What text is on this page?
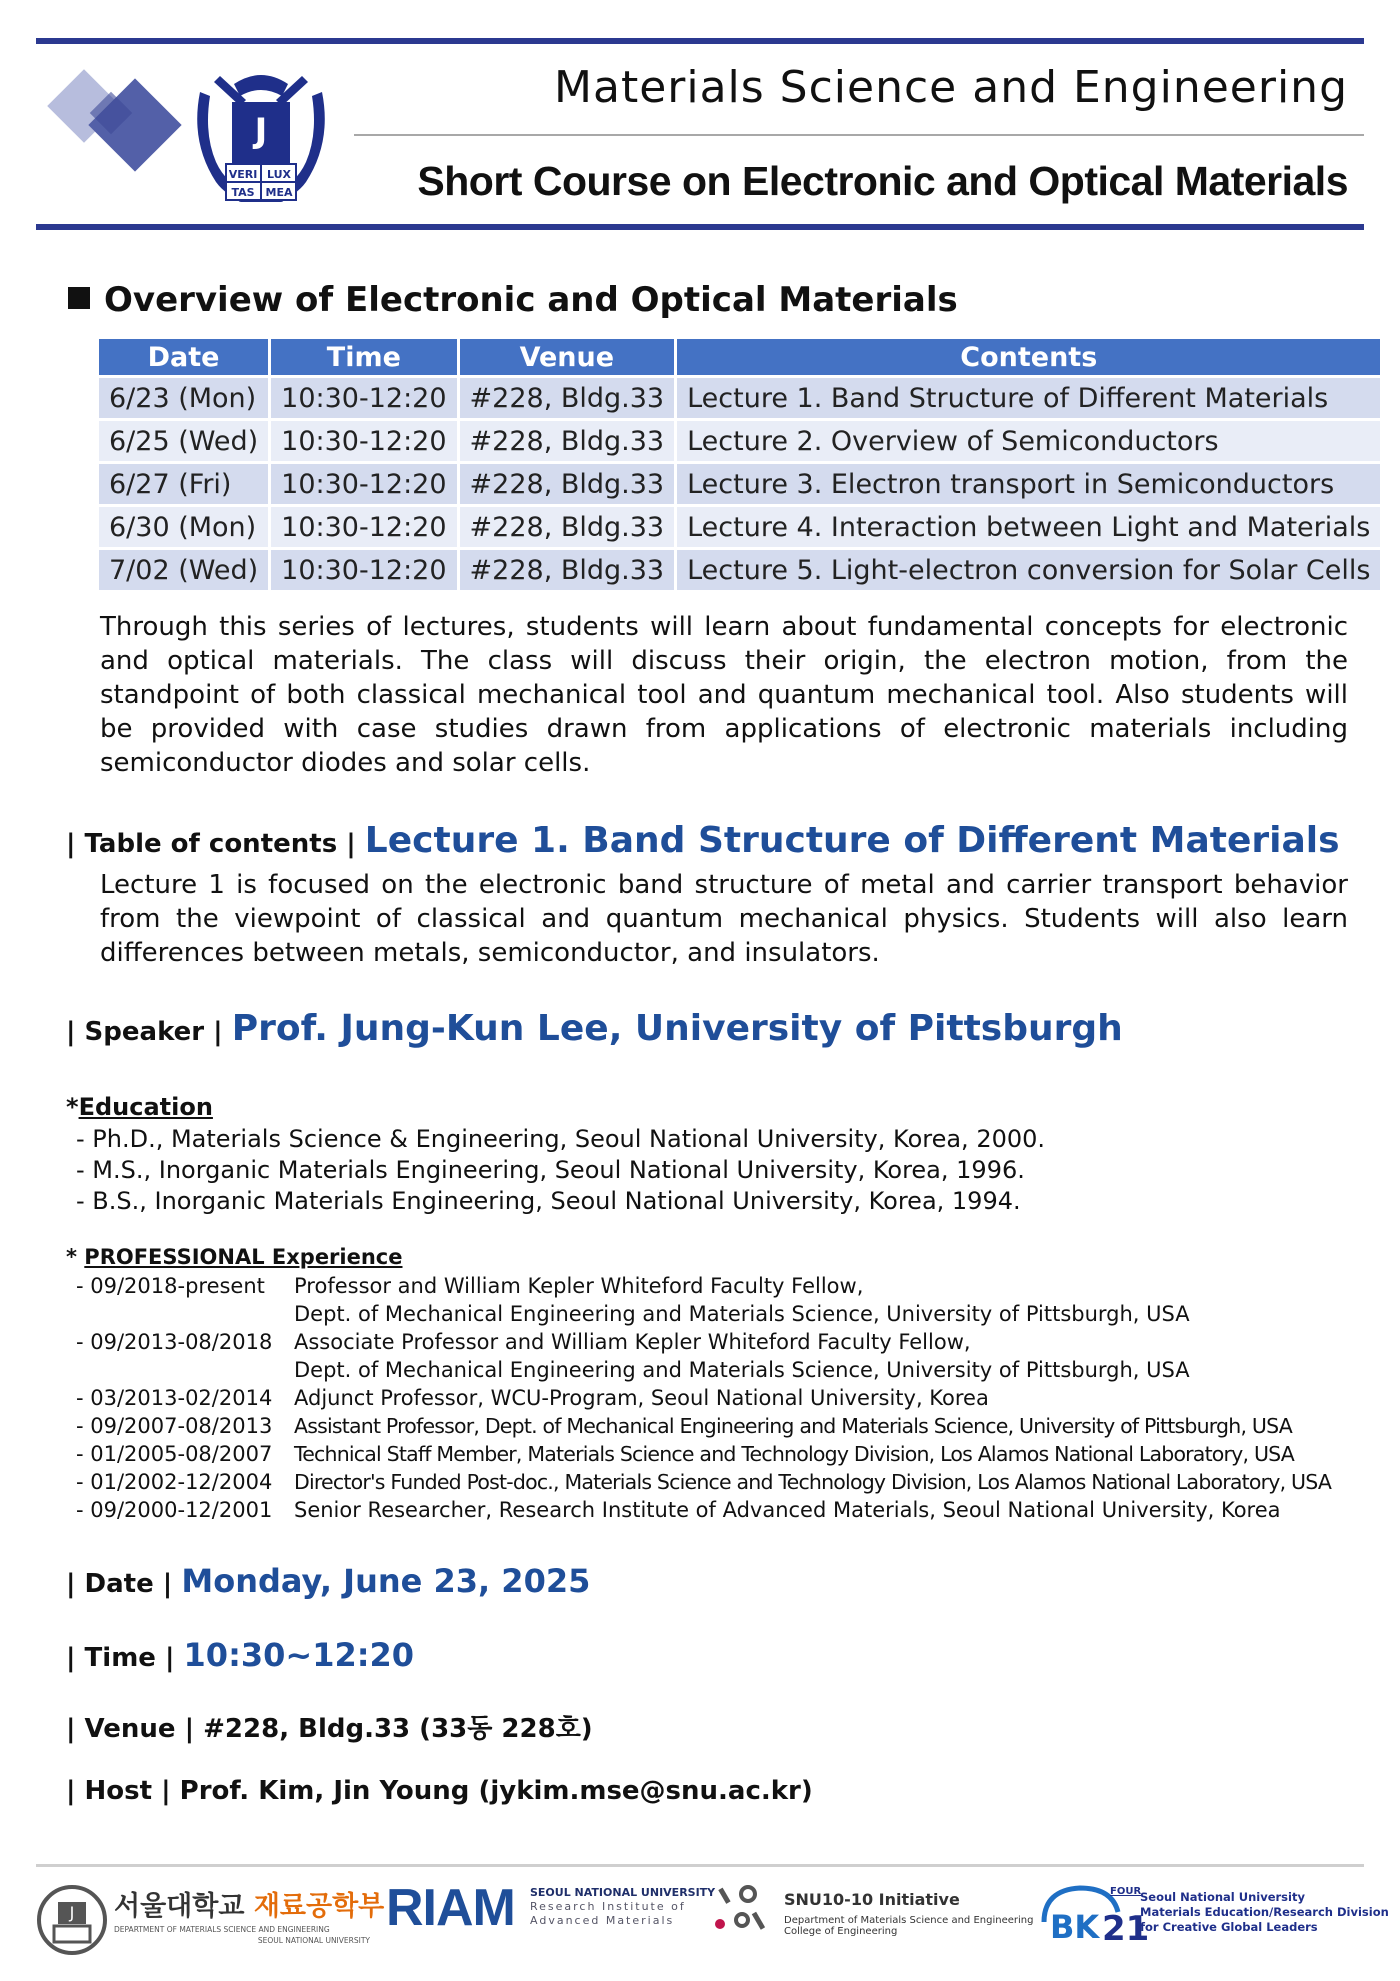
J
VERI LUX
TAS MEA
Materials Science and Engineering
Short Course on Electronic and Optical Materials
Overview of Electronic and Optical Materials
Date	Time	Venue	Contents
6/23 (Mon)	10:30-12:20	#228, Bldg.33	Lecture 1. Band Structure of Different Materials
6/25 (Wed)	10:30-12:20	#228, Bldg.33	Lecture 2. Overview of Semiconductors
6/27 (Fri)	10:30-12:20	#228, Bldg.33	Lecture 3. Electron transport in Semiconductors
6/30 (Mon)	10:30-12:20	#228, Bldg.33	Lecture 4. Interaction between Light and Materials
7/02 (Wed)	10:30-12:20	#228, Bldg.33	Lecture 5. Light-electron conversion for Solar Cells
Through this series of lectures, students will learn about fundamental concepts for electronic and optical materials. The class will discuss their origin, the electron motion, from the standpoint of both classical mechanical tool and quantum mechanical tool. Also students will be provided with case studies drawn from applications of electronic materials including semiconductor diodes and solar cells.
| Table of contents | Lecture 1. Band Structure of Different Materials
Lecture 1 is focused on the electronic band structure of metal and carrier transport behavior from the viewpoint of classical and quantum mechanical physics. Students will also learn differences between metals, semiconductor, and insulators.
| Speaker | Prof. Jung-Kun Lee, University of Pittsburgh
*Education
- Ph.D., Materials Science & Engineering, Seoul National University, Korea, 2000.
- M.S., Inorganic Materials Engineering, Seoul National University, Korea, 1996.
- B.S., Inorganic Materials Engineering, Seoul National University, Korea, 1994.
* PROFESSIONAL Experience
- 09/2018-present	Professor and William Kepler Whiteford Faculty Fellow,
Dept. of Mechanical Engineering and Materials Science, University of Pittsburgh, USA
- 09/2013-08/2018	Associate Professor and William Kepler Whiteford Faculty Fellow,
Dept. of Mechanical Engineering and Materials Science, University of Pittsburgh, USA
- 03/2013-02/2014	Adjunct Professor, WCU-Program, Seoul National University, Korea
- 09/2007-08/2013	Assistant Professor, Dept. of Mechanical Engineering and Materials Science, University of Pittsburgh, USA
- 01/2005-08/2007	Technical Staff Member, Materials Science and Technology Division, Los Alamos National Laboratory, USA
- 01/2002-12/2004	Director's Funded Post-doc., Materials Science and Technology Division, Los Alamos National Laboratory, USA
- 09/2000-12/2001	Senior Researcher, Research Institute of Advanced Materials, Seoul National University, Korea
| Date | Monday, June 23, 2025
| Time | 10:30~12:20
| Venue | #228, Bldg.33 (33동 228호)
| Host | Prof. Kim, Jin Young (jykim.mse@snu.ac.kr)
J 서울대학교 재료공학부
DEPARTMENT OF MATERIALS SCIENCE AND ENGINEERING
SEOUL NATIONAL UNIVERSITY
RIAM SEOUL NATIONAL UNIVERSITY
Research Institute of
Advanced Materials
SNU10-10 Initiative
Department of Materials Science and Engineering
College of Engineering
FOUR
BK 21
Seoul National University
Materials Education/Research Division
for Creative Global Leaders
